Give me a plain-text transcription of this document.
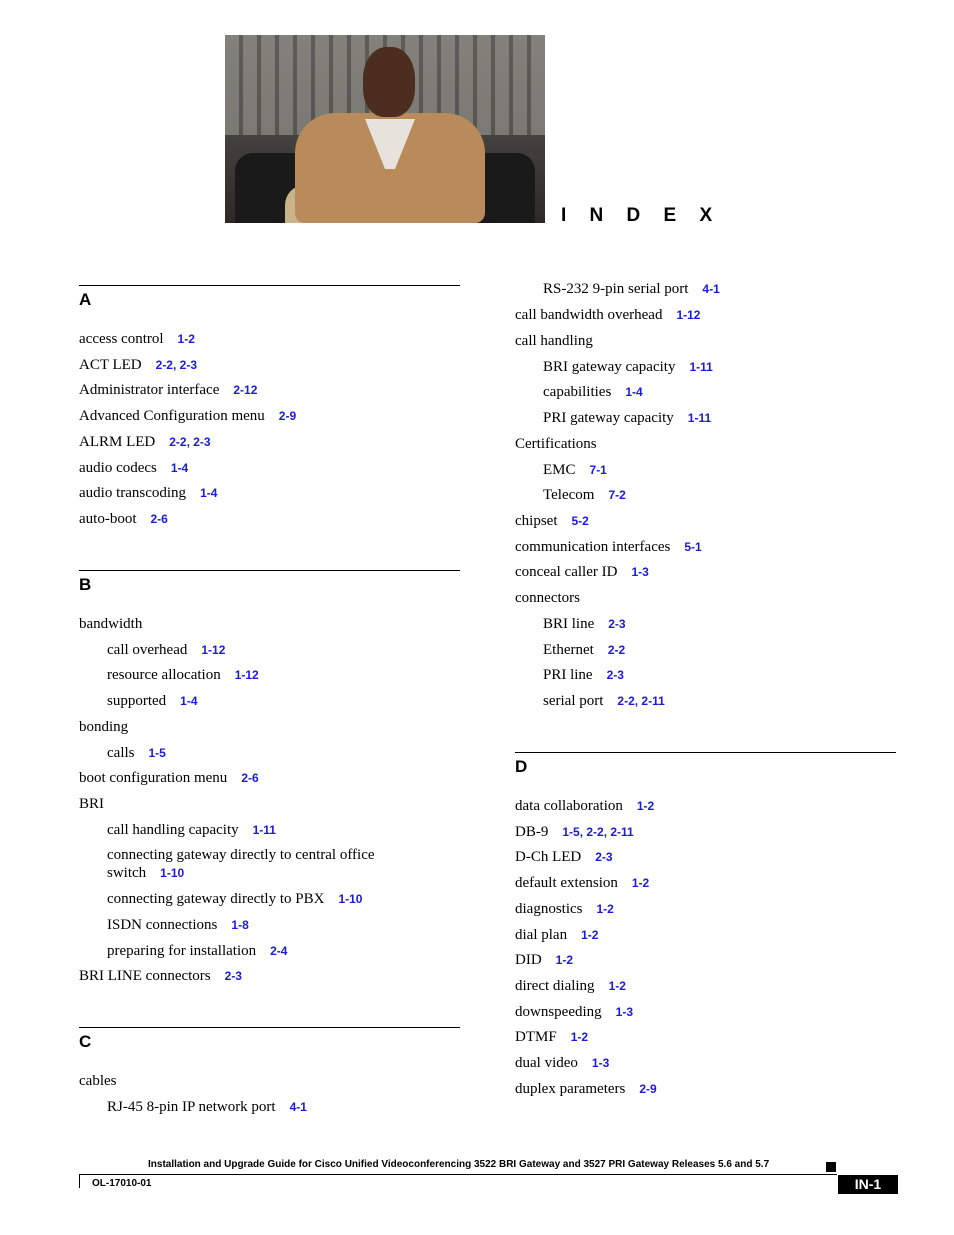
I N D E X
A
access control 1-2
ACT LED 2-2, 2-3
Administrator interface 2-12
Advanced Configuration menu 2-9
ALRM LED 2-2, 2-3
audio codecs 1-4
audio transcoding 1-4
auto-boot 2-6
B
bandwidth
call overhead 1-12
resource allocation 1-12
supported 1-4
bonding
calls 1-5
boot configuration menu 2-6
BRI
call handling capacity 1-11
connecting gateway directly to central office switch 1-10
connecting gateway directly to PBX 1-10
ISDN connections 1-8
preparing for installation 2-4
BRI LINE connectors 2-3
C
cables
RJ-45 8-pin IP network port 4-1
RS-232 9-pin serial port 4-1
call bandwidth overhead 1-12
call handling
BRI gateway capacity 1-11
capabilities 1-4
PRI gateway capacity 1-11
Certifications
EMC 7-1
Telecom 7-2
chipset 5-2
communication interfaces 5-1
conceal caller ID 1-3
connectors
BRI line 2-3
Ethernet 2-2
PRI line 2-3
serial port 2-2, 2-11
D
data collaboration 1-2
DB-9 1-5, 2-2, 2-11
D-Ch LED 2-3
default extension 1-2
diagnostics 1-2
dial plan 1-2
DID 1-2
direct dialing 1-2
downspeeding 1-3
DTMF 1-2
dual video 1-3
duplex parameters 2-9
Installation and Upgrade Guide for Cisco Unified Videoconferencing 3522 BRI Gateway and 3527 PRI Gateway Releases 5.6 and 5.7
OL-17010-01	IN-1
